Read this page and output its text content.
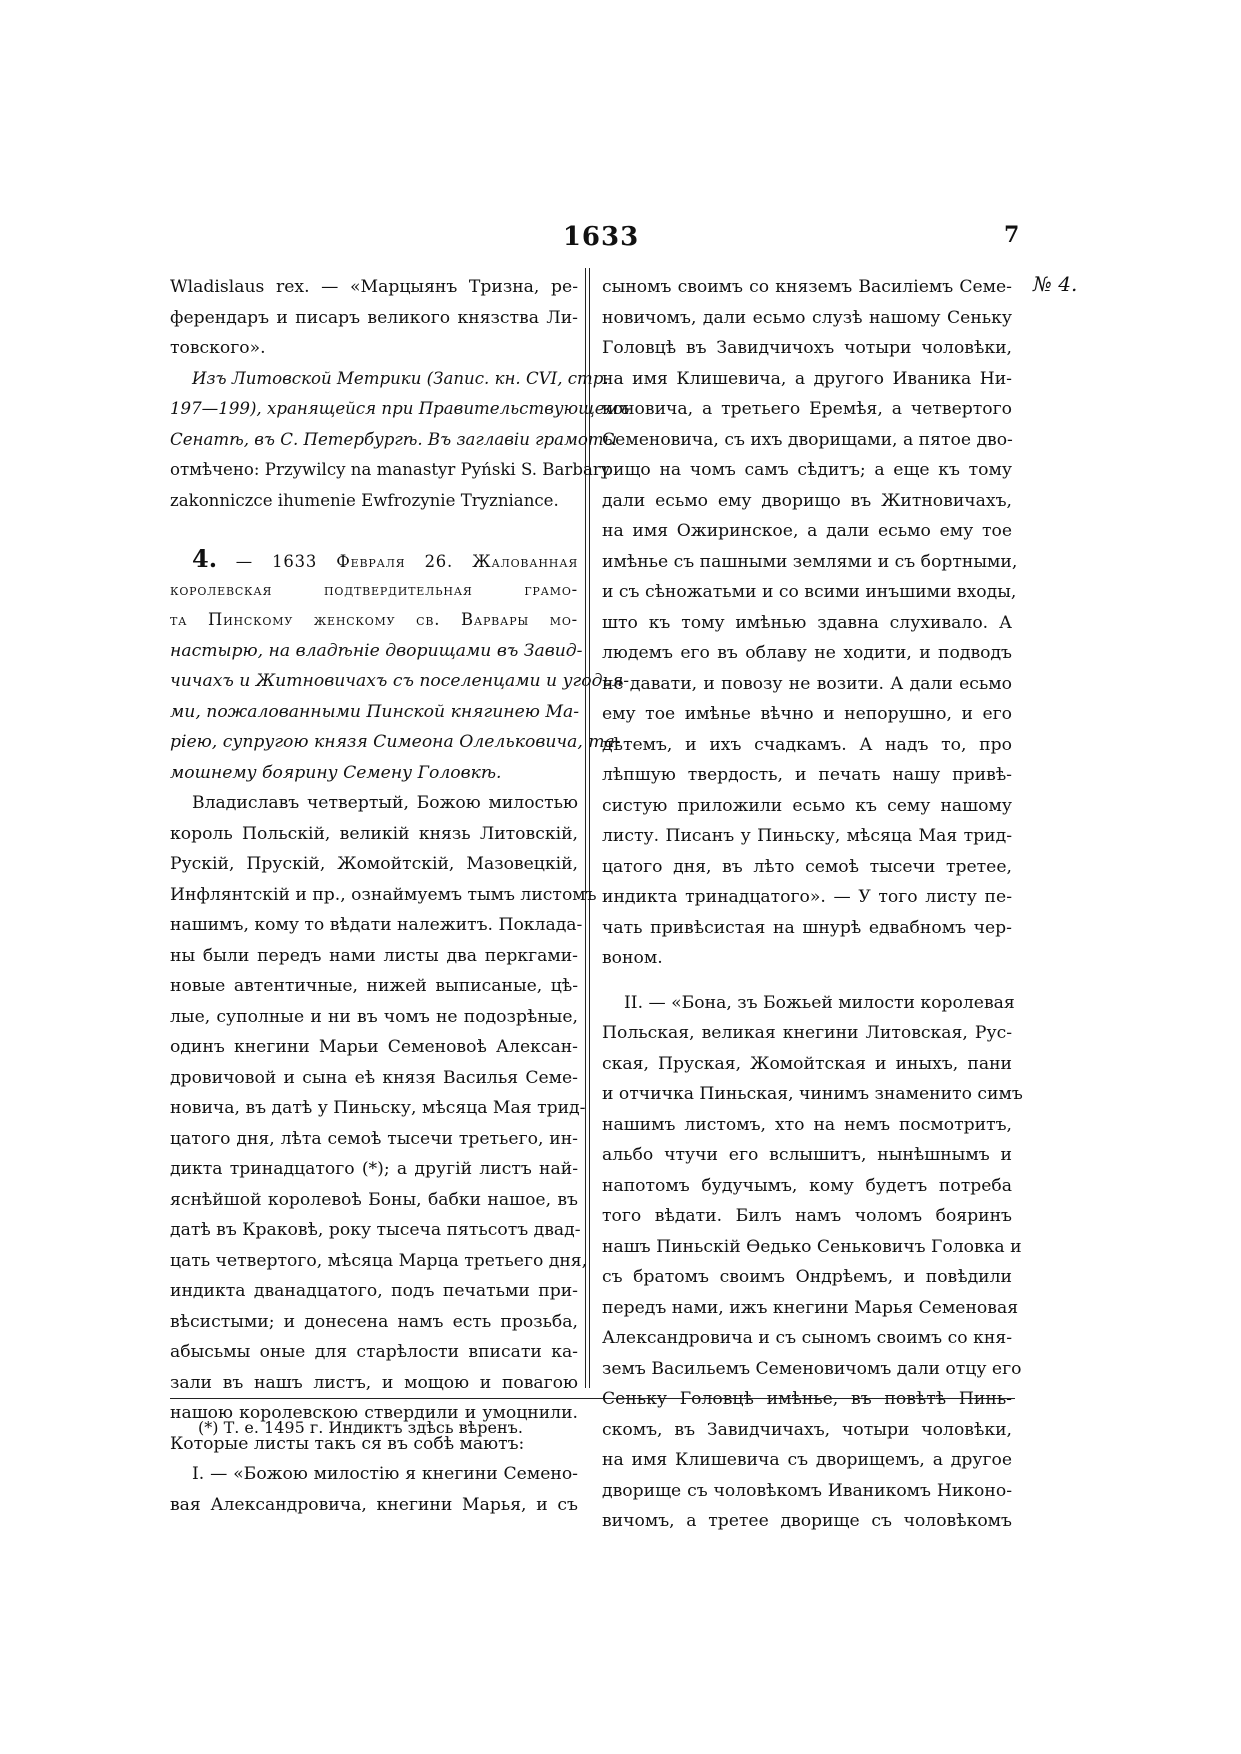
1633	7
№ 4.
Wladislaus rex. — «Марцыянъ Тризна, ре-
ферендаръ и писаръ великого князства Ли-
товского».
Изъ Литовской Метрики (Запис. кн. CVI, стр.
197—199), хранящейся при Правительствующемъ
Сенатѣ, въ С. Петербургѣ. Въ заглавіи грамоты
отмѣчено: Przywilcy na manastyr Pyński S. Barbary
zakonniczce ihumenie Ewfrozynie Tryzniance.
4. — 1633 Февраля 26. Жалованная
королевская подтвердительная грамо-
та Пинскому женскому св. Варвары мо-
настырю, на владѣніе дворищами въ Завид-
чичахъ и Житновичахъ съ поселенцами и угодья-
ми, пожалованными Пинской княгинею Ма-
ріею, супругою князя Симеона Олельковича, та-
мошнему боярину Семену Головкѣ.
Владиславъ четвертый, Божою милостью
король Польскій, великій князь Литовскій,
Рускій, Прускій, Жомойтскій, Мазовецкій,
Инфлянтскій и пр., ознаймуемъ тымъ листомъ
нашимъ, кому то вѣдати належитъ. Поклада-
ны были передъ нами листы два перкгами-
новые автентичные, нижей выписаные, цѣ-
лые, суполные и ни въ чомъ не подозрѣные,
одинъ кнегини Марьи Семеновоѣ Алексан-
дровичовой и сына еѣ князя Василья Семе-
новича, въ датѣ у Пиньску, мѣсяца Мая трид-
цатого дня, лѣта семоѣ тысечи третьего, ин-
дикта тринадцатого (*); а другій листъ най-
яснѣйшой королевоѣ Боны, бабки нашое, въ
датѣ въ Краковѣ, року тысеча пятьсотъ двад-
цать четвертого, мѣсяца Марца третьего дня,
индикта дванадцатого, подъ печатьми при-
вѣсистыми; и донесена намъ есть прозьба,
абысьмы оные для старѣлости вписати ка-
зали въ нашъ листъ, и мощою и повагою
нашою королевскою ствердили и умоцнили.
Которые листы такъ ся въ собѣ маютъ:
I. — «Божою милостію я кнегини Семено-
вая Александровича, кнегини Марья, и съ
сыномъ своимъ со княземъ Василіемъ Семе-
новичомъ, дали есьмо слузѣ нашому Сеньку
Головцѣ въ Завидчичохъ чотыри чоловѣки,
на имя Клишевича, а другого Иваника Ни-
коновича, а третьего Еремѣя, а четвертого
Семеновича, съ ихъ дворищами, а пятое дво-
рищо на чомъ самъ сѣдитъ; а еще къ тому
дали есьмо ему дворищо въ Житновичахъ,
на имя Ожиринское, а дали есьмо ему тое
имѣнье съ пашными землями и съ бортными,
и съ сѣножатьми и со всими инъшими входы,
што къ тому имѣнью здавна слухивало. А
людемъ его въ облаву не ходити, и подводъ
не давати, и повозу не возити. А дали есьмо
ему тое имѣнье вѣчно и непорушно, и его
дѣтемъ, и ихъ счадкамъ. А надъ то, про
лѣпшую твердость, и печать нашу привѣ-
систую приложили есьмо къ сему нашому
листу. Писанъ у Пиньску, мѣсяца Мая трид-
цатого дня, въ лѣто семоѣ тысечи третее,
индикта тринадцатого». — У того листу пе-
чать привѣсистая на шнурѣ едвабномъ чер-
воном.
II. — «Бона, зъ Божьей милости королевая
Польская, великая кнегини Литовская, Рус-
ская, Пруская, Жомойтская и иныхъ, пани
и отчичка Пиньская, чинимъ знаменито симъ
нашимъ листомъ, хто на немъ посмотритъ,
альбо чтучи его вслышитъ, нынѣшнымъ и
напотомъ будучымъ, кому будетъ потреба
того вѣдати. Билъ намъ чоломъ бояринъ
нашъ Пиньскій Ѳедько Сеньковичъ Головка и
съ братомъ своимъ Ондрѣемъ, и повѣдили
передъ нами, ижъ кнегини Марья Семеновая
Александровича и съ сыномъ своимъ со кня-
земъ Васильемъ Семеновичомъ дали отцу его
Сеньку Головцѣ имѣнье, въ повѣтѣ Пинь-
скомъ, въ Завидчичахъ, чотыри чоловѣки,
на имя Клишевича съ дворищемъ, а другое
дворище съ чоловѣкомъ Иваникомъ Никоно-
вичомъ, а третее дворище съ чоловѣкомъ
(*) Т. е. 1495 г. Индиктъ здѣсь вѣренъ.
